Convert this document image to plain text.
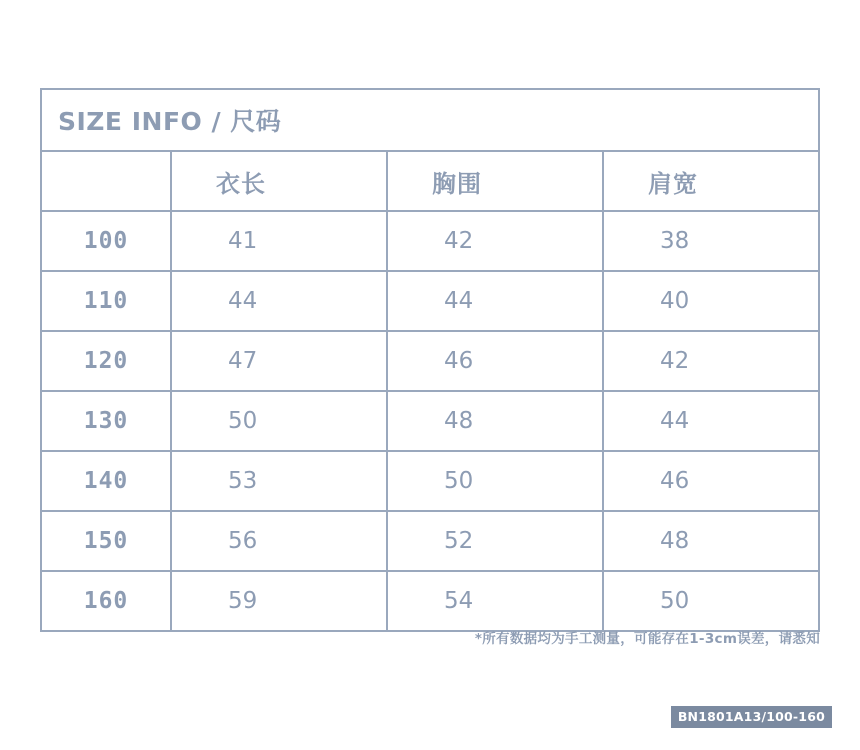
SIZE INFO / 尺码			
	衣长	胸围	肩宽

100	41	42	38

110	44	44	40

120	47	46	42

130	50	48	44

140	53	50	46

150	56	52	48

160	59	54	50
*所有数据均为手工测量，可能存在1-3cm误差，请悉知
BN1801A13/100-160
